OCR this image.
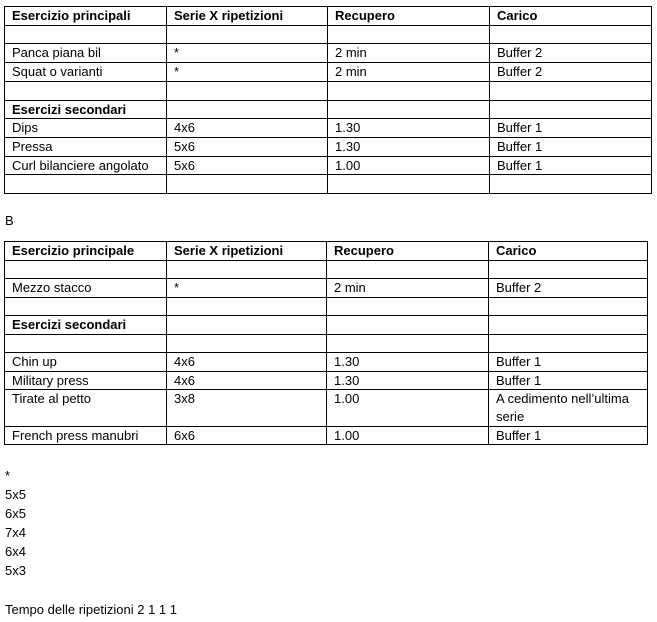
Esercizio principali	Serie X ripetizioni	Recupero	Carico

Panca piana bil	*	2 min	Buffer 2
Squat o varianti	*	2 min	Buffer 2

Esercizi secondari			
Dips	4x6	1.30	Buffer 1
Pressa	5x6	1.30	Buffer 1
Curl bilanciere angolato	5x6	1.00	Buffer 1

B
Esercizio principale	Serie X ripetizioni	Recupero	Carico

Mezzo stacco	*	2 min	Buffer 2

Esercizi secondari			

Chin up	4x6	1.30	Buffer 1
Military press	4x6	1.30	Buffer 1
Tirate al petto	3x8	1.00	A cedimento nell’ultima serie
French press manubri	6x6	1.00	Buffer 1
*
5x5
6x5
7x4
6x4
5x3
Tempo delle ripetizioni 2 1 1 1
